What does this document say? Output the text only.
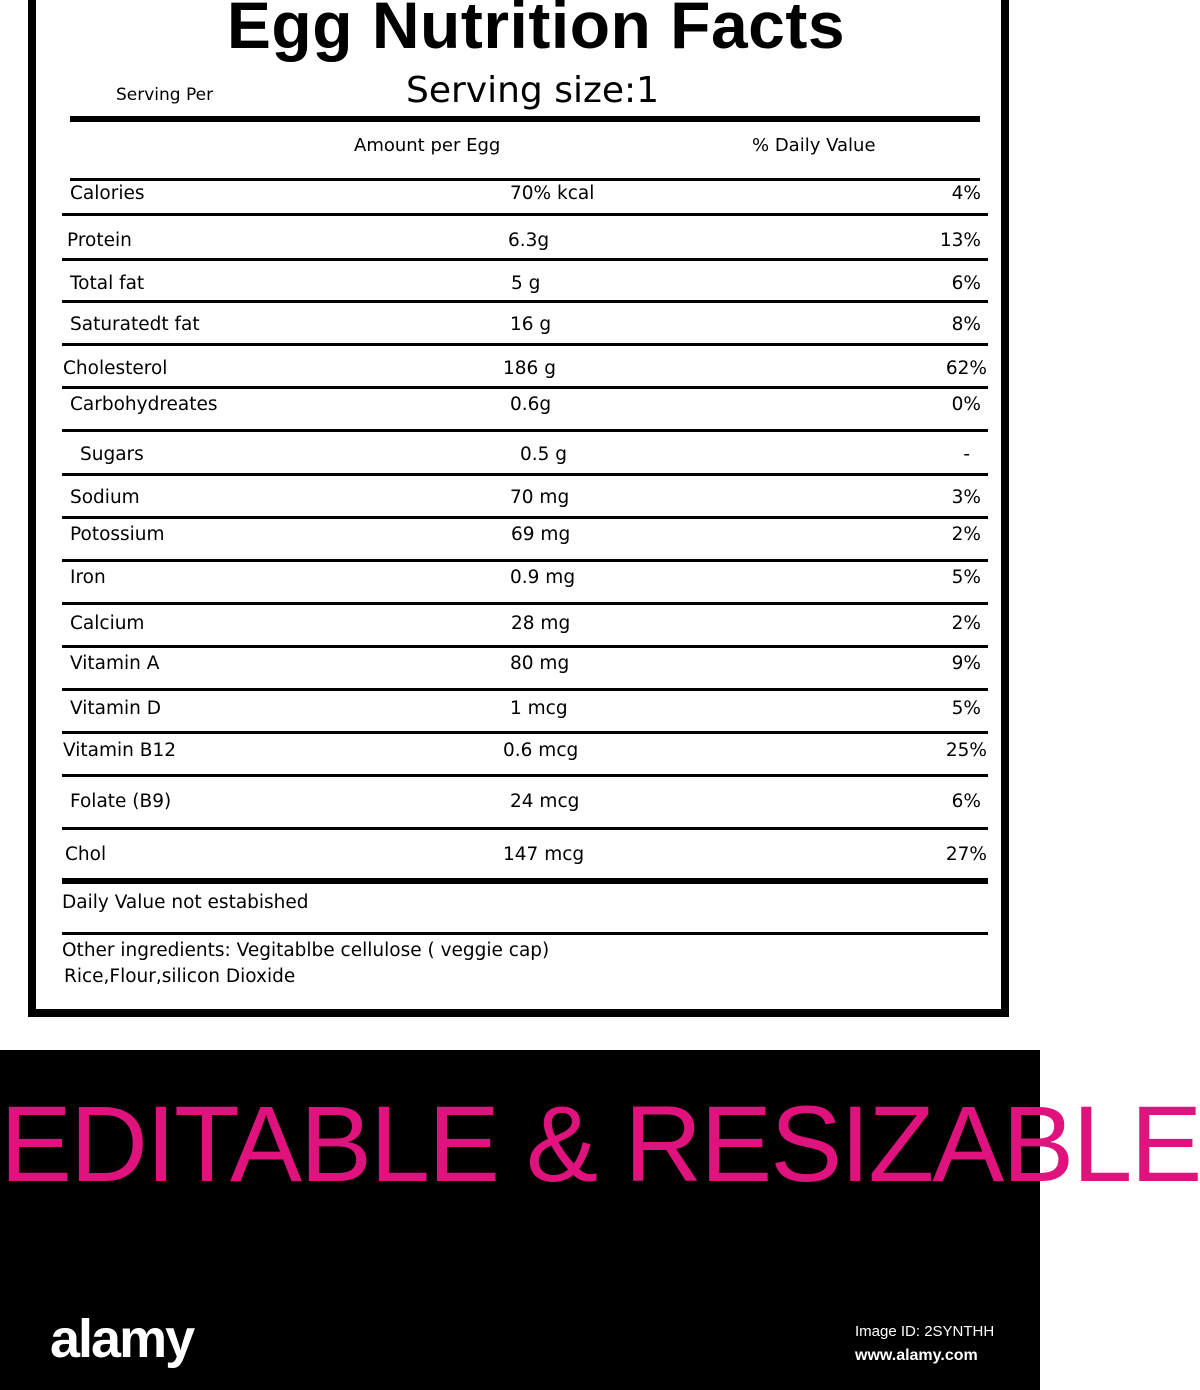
Egg Nutrition Facts
Serving Per	Serving size:1
Amount per Egg	% Daily Value
Calories	70% kcal	4%
Protein	6.3g	13%
Total fat	5 g	6%
Saturatedt fat	16 g	8%
Cholesterol	186 g	62%
Carbohydreates	0.6g	0%
Sugars	0.5 g	-
Sodium	70 mg	3%
Potossium	69 mg	2%
Iron	0.9 mg	5%
Calcium	28 mg	2%
Vitamin A	80 mg	9%
Vitamin D	1 mcg	5%
Vitamin B12	0.6 mcg	25%
Folate (B9)	24 mcg	6%
Chol	147 mcg	27%
Daily Value not estabished
Other ingredients: Vegitablbe cellulose ( veggie cap)
Rice,Flour,silicon Dioxide
EDITABLE & RESIZABLE
alamy	Image ID: 2SYNTHH
www.alamy.com
